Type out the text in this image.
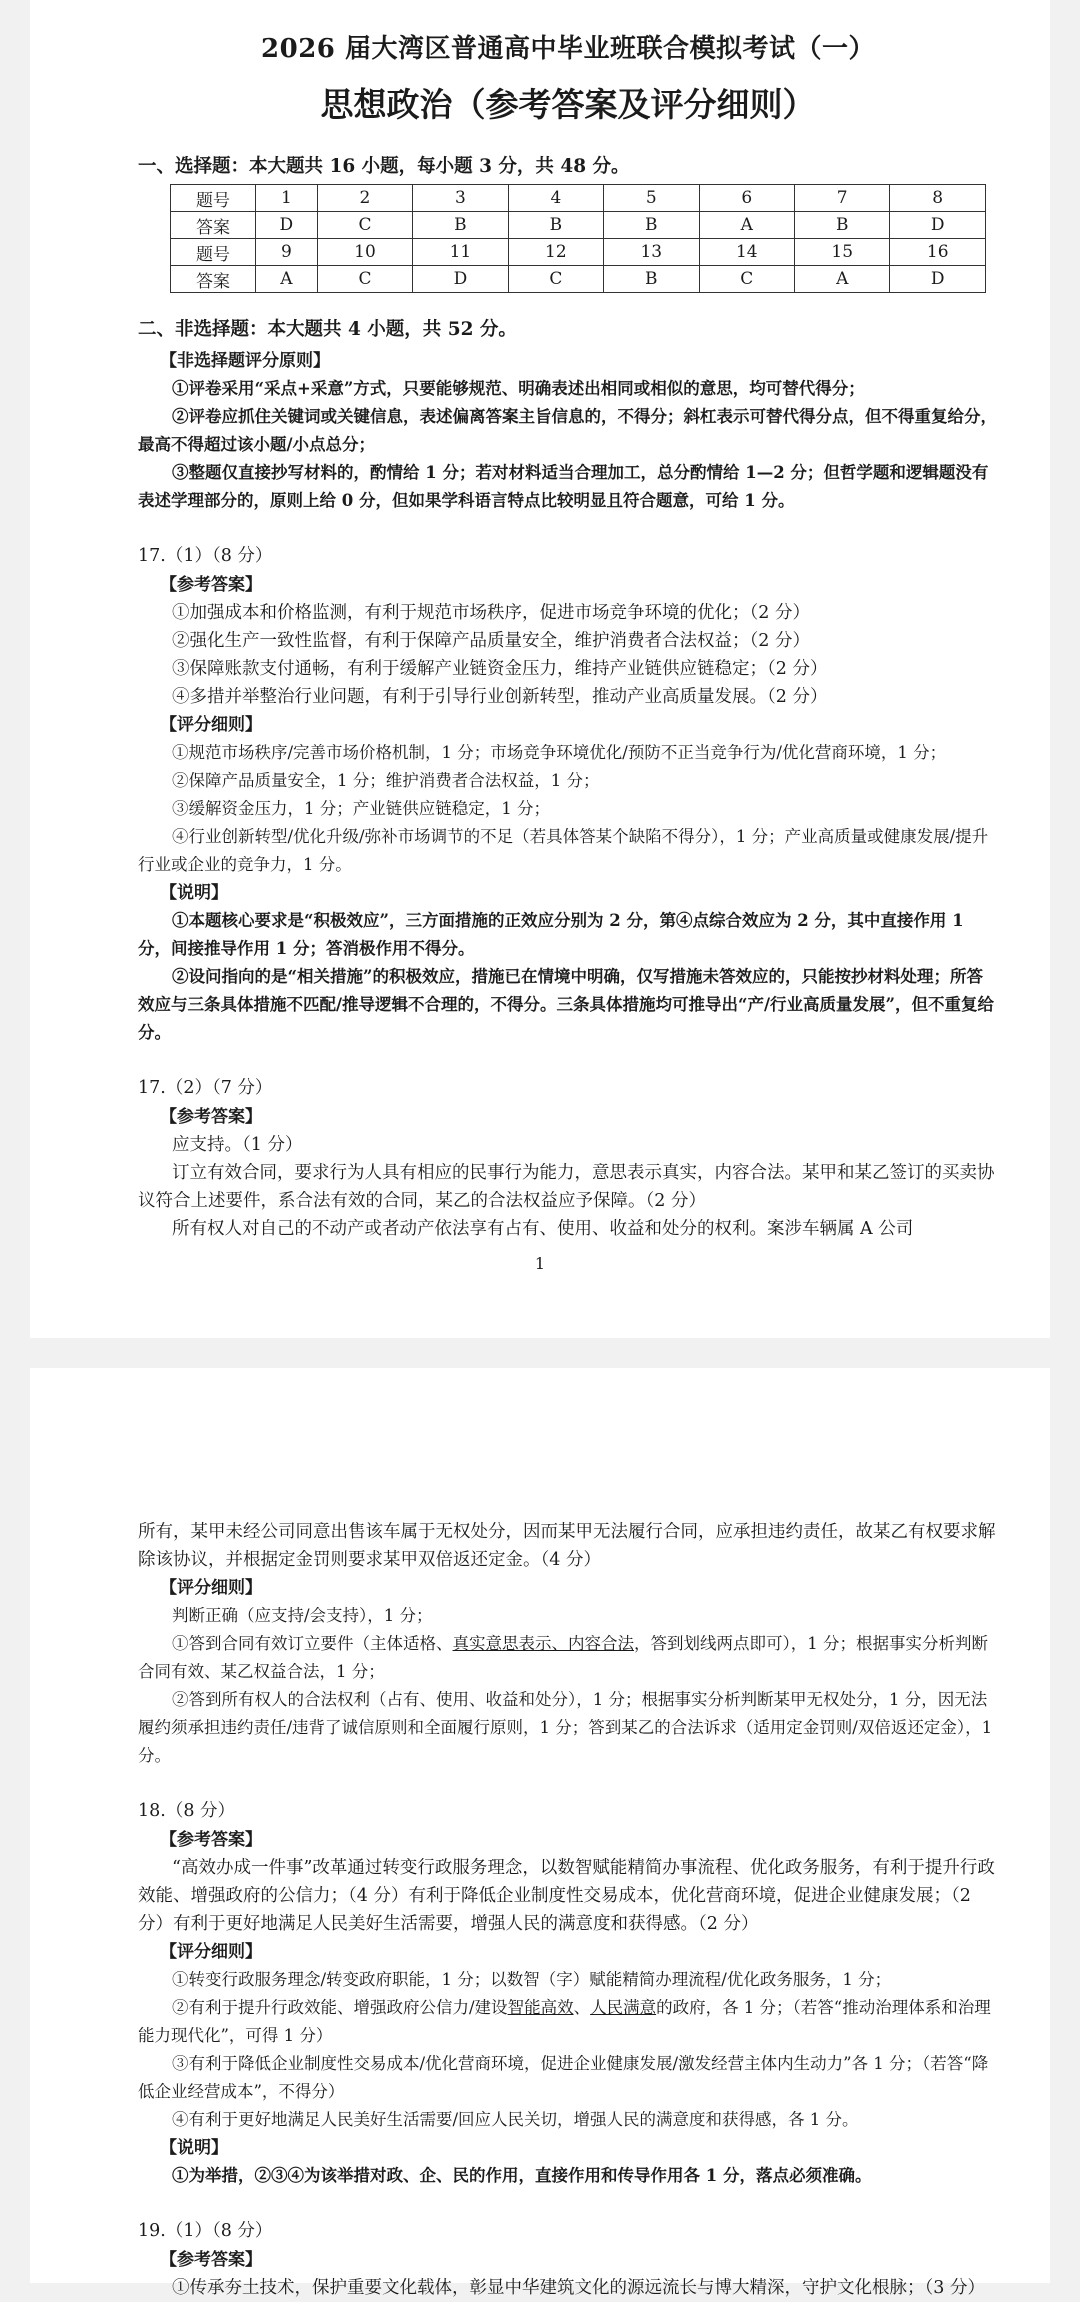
2026 届大湾区普通高中毕业班联合模拟考试（一）
思想政治（参考答案及评分细则）
一、选择题：本大题共 16 小题，每小题 3 分，共 48 分。
题号	1	2	3	4	5	6	7	8
答案	D	C	B	B	B	A	B	D
题号	9	10	11	12	13	14	15	16
答案	A	C	D	C	B	C	A	D
二、非选择题：本大题共 4 小题，共 52 分。
【非选择题评分原则】
①评卷采用“采点+采意”方式，只要能够规范、明确表述出相同或相似的意思，均可替代得分；
②评卷应抓住关键词或关键信息，表述偏离答案主旨信息的，不得分；斜杠表示可替代得分点，但不得重复给分，最高不得超过该小题/小点总分；
③整题仅直接抄写材料的，酌情给 1 分；若对材料适当合理加工，总分酌情给 1—2 分；但哲学题和逻辑题没有表述学理部分的，原则上给 0 分，但如果学科语言特点比较明显且符合题意，可给 1 分。
17.（1）（8 分）
【参考答案】

①加强成本和价格监测，有利于规范市场秩序，促进市场竞争环境的优化；（2 分）

②强化生产一致性监督，有利于保障产品质量安全，维护消费者合法权益；（2 分）

③保障账款支付通畅，有利于缓解产业链资金压力，维持产业链供应链稳定；（2 分）

④多措并举整治行业问题，有利于引导行业创新转型，推动产业高质量发展。（2 分）

【评分细则】

①规范市场秩序/完善市场价格机制，1 分；市场竞争环境优化/预防不正当竞争行为/优化营商环境，1 分；

②保障产品质量安全，1 分；维护消费者合法权益，1 分；

③缓解资金压力，1 分；产业链供应链稳定，1 分；

④行业创新转型/优化升级/弥补市场调节的不足（若具体答某个缺陷不得分），1 分；产业高质量或健康发展/提升行业或企业的竞争力，1 分。

【说明】

①本题核心要求是“积极效应”，三方面措施的正效应分别为 2 分，第④点综合效应为 2 分，其中直接作用 1 分，间接推导作用 1 分；答消极作用不得分。

②设问指向的是“相关措施”的积极效应，措施已在情境中明确，仅写措施未答效应的，只能按抄材料处理；所答效应与三条具体措施不匹配/推导逻辑不合理的，不得分。三条具体措施均可推导出“产/行业高质量发展”，但不重复给分。

17.（2）（7 分）
【参考答案】

应支持。（1 分）

订立有效合同，要求行为人具有相应的民事行为能力，意思表示真实，内容合法。某甲和某乙签订的买卖协议符合上述要件，系合法有效的合同，某乙的合法权益应予保障。（2 分）

所有权人对自己的不动产或者动产依法享有占有、使用、收益和处分的权利。案涉车辆属 A 公司

1

所有，某甲未经公司同意出售该车属于无权处分，因而某甲无法履行合同，应承担违约责任，故某乙有权要求解除该协议，并根据定金罚则要求某甲双倍返还定金。（4 分）

【评分细则】

判断正确（应支持/会支持），1 分；

①答到合同有效订立要件（主体适格、真实意思表示、内容合法，答到划线两点即可），1 分；根据事实分析判断合同有效、某乙权益合法，1 分；

②答到所有权人的合法权利（占有、使用、收益和处分），1 分；根据事实分析判断某甲无权处分，1 分，因无法履约须承担违约责任/违背了诚信原则和全面履行原则，1 分；答到某乙的合法诉求（适用定金罚则/双倍返还定金），1 分。

18.（8 分）
【参考答案】

“高效办成一件事”改革通过转变行政服务理念，以数智赋能精简办事流程、优化政务服务，有利于提升行政效能、增强政府的公信力；（4 分）有利于降低企业制度性交易成本，优化营商环境，促进企业健康发展；（2 分）有利于更好地满足人民美好生活需要，增强人民的满意度和获得感。（2 分）

【评分细则】

①转变行政服务理念/转变政府职能，1 分；以数智（字）赋能精简办理流程/优化政务服务，1 分；

②有利于提升行政效能、增强政府公信力/建设智能高效、人民满意的政府，各 1 分；（若答“推动治理体系和治理能力现代化”，可得 1 分）

③有利于降低企业制度性交易成本/优化营商环境，促进企业健康发展/激发经营主体内生动力”各 1 分；（若答“降低企业经营成本”，不得分）

④有利于更好地满足人民美好生活需要/回应人民关切，增强人民的满意度和获得感，各 1 分。

【说明】

①为举措，②③④为该举措对政、企、民的作用，直接作用和传导作用各 1 分，落点必须准确。

19.（1）（8 分）
【参考答案】

①传承夯土技术，保护重要文化载体，彰显中华建筑文化的源远流长与博大精深，守护文化根脉；（3 分）
